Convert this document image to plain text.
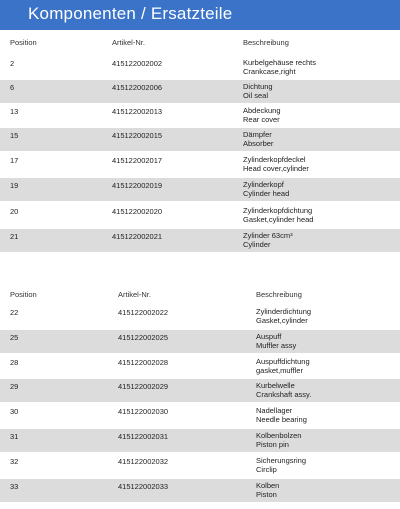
Komponenten / Ersatzteile
Position	Artikel-Nr.	Beschreibung
2	415122002002	Kurbelgehäuse rechts
Crankcase,right
6	415122002006	Dichtung
Oil seal
13	415122002013	Abdeckung
Rear cover
15	415122002015	Dämpfer
Absorber
17	415122002017	Zylinderkopfdeckel
Head cover,cylinder
19	415122002019	Zylinderkopf
Cylinder head
20	415122002020	Zylinderkopfdichtung
Gasket,cylinder head
21	415122002021	Zylinder 63cm³
Cylinder
Position	Artikel-Nr.	Beschreibung
22	415122002022	Zylinderdichtung
Gasket,cylinder
25	415122002025	Auspuff
Muffler assy
28	415122002028	Auspuffdichtung
gasket,muffler
29	415122002029	Kurbelwelle
Crankshaft assy.
30	415122002030	Nadellager
Needle bearing
31	415122002031	Kolbenbolzen
Piston pin
32	415122002032	Sicherungsring
Circlip
33	415122002033	Kolben
Piston
